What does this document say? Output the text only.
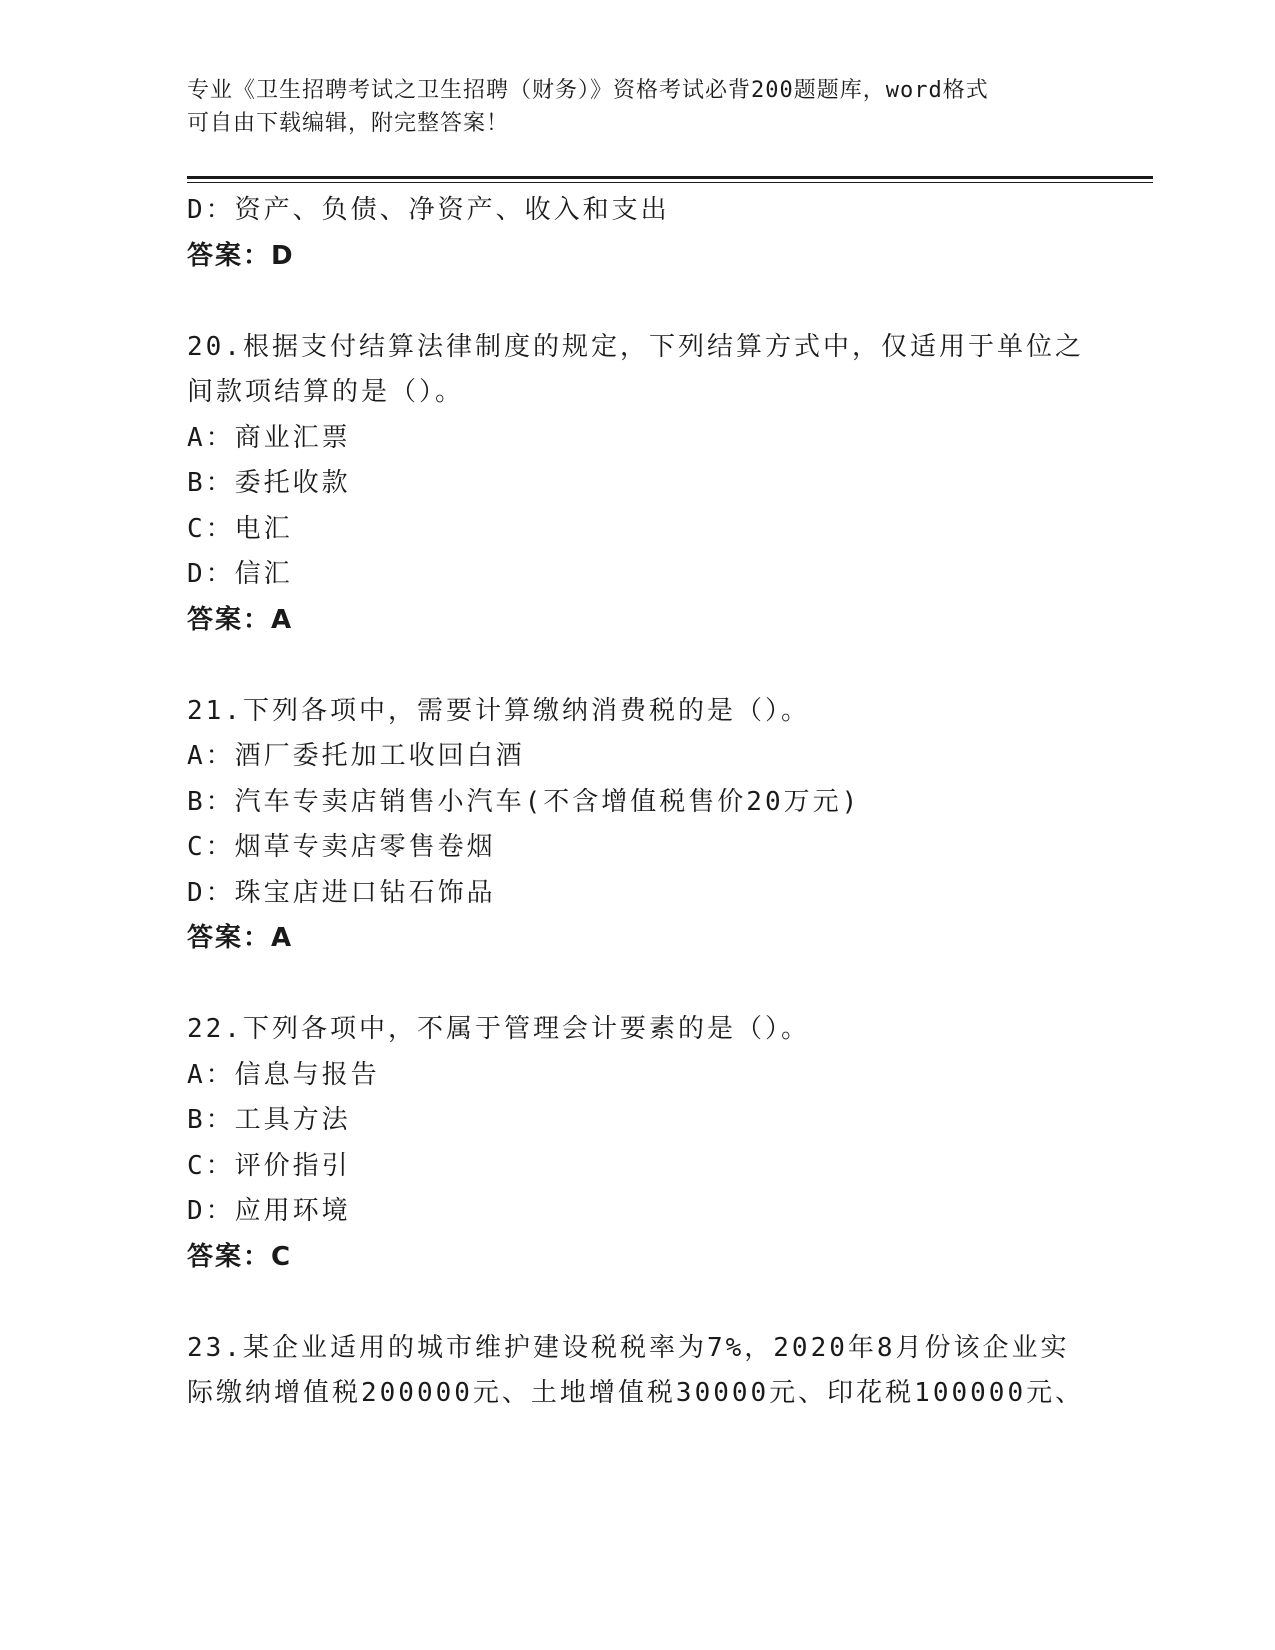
专业《卫生招聘考试之卫生招聘（财务）》资格考试必背200题题库，word格式
可自由下载编辑，附完整答案！
D：资产、负债、净资产、收入和支出
答案：D
20.根据支付结算法律制度的规定，下列结算方式中，仅适用于单位之
间款项结算的是（）。
A：商业汇票
B：委托收款
C：电汇
D：信汇
答案：A
21.下列各项中，需要计算缴纳消费税的是（）。
A：酒厂委托加工收回白酒
B：汽车专卖店销售小汽车(不含增值税售价20万元)
C：烟草专卖店零售卷烟
D：珠宝店进口钻石饰品
答案：A
22.下列各项中，不属于管理会计要素的是（）。
A：信息与报告
B：工具方法
C：评价指引
D：应用环境
答案：C
23.某企业适用的城市维护建设税税率为7%，2020年8月份该企业实
际缴纳增值税200000元、土地增值税30000元、印花税100000元、
